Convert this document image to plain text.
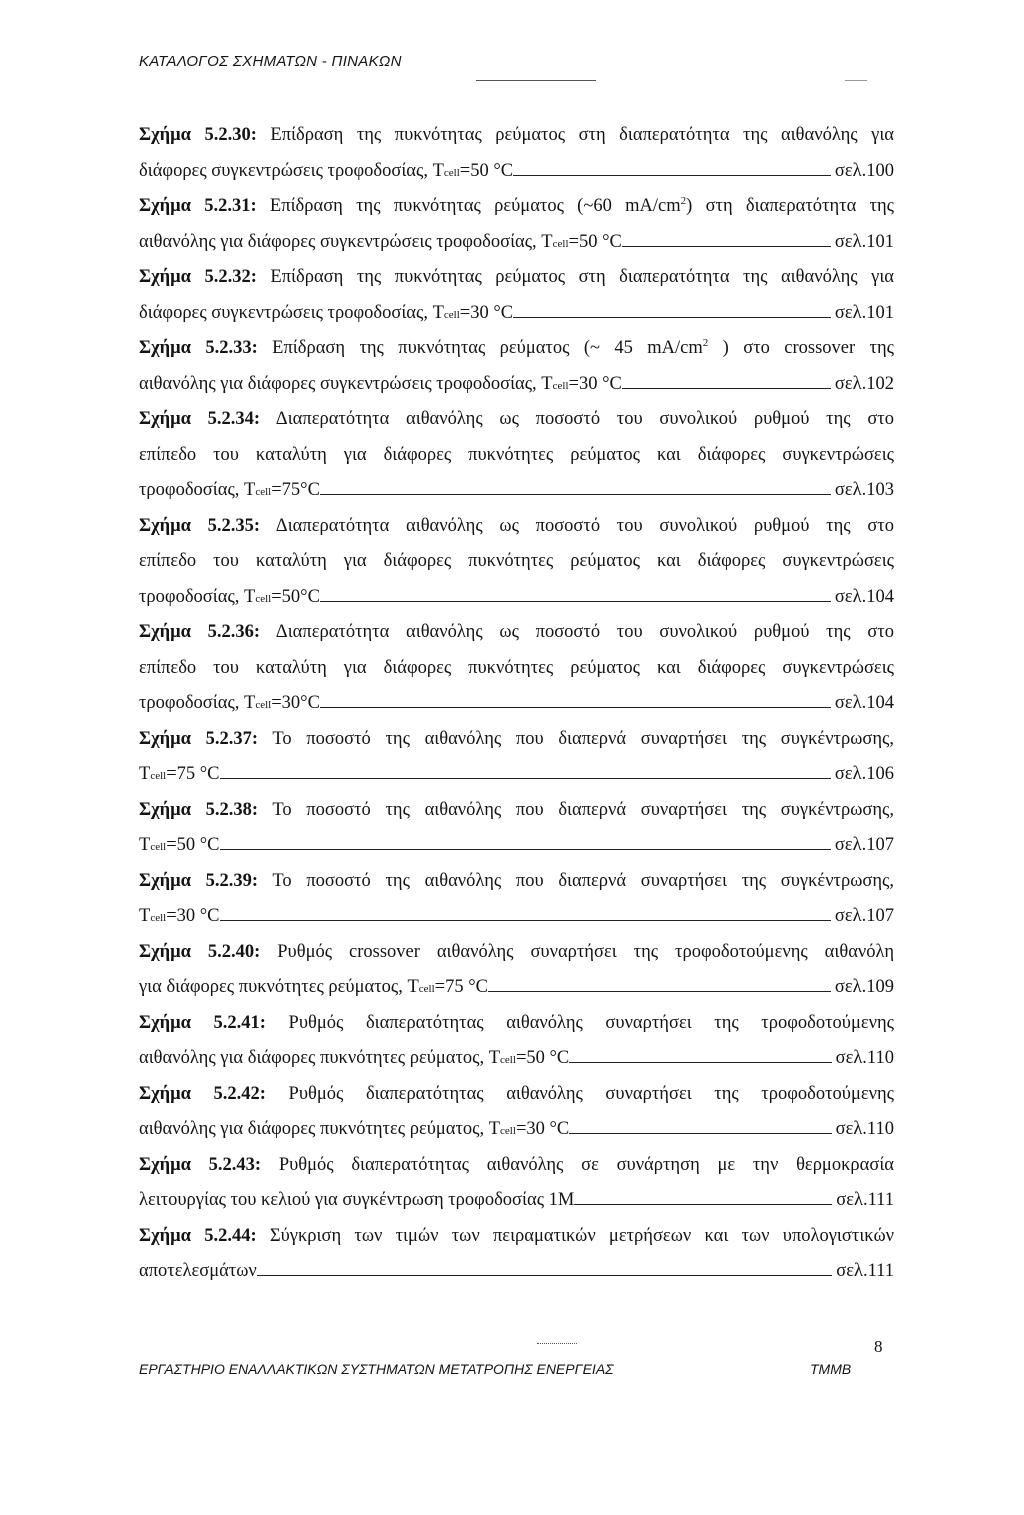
ΚΑΤΑΛΟΓΟΣ ΣΧΗΜΑΤΩΝ - ΠΙΝΑΚΩΝ
Σχήμα 5.2.30: Επίδραση της πυκνότητας ρεύματος στη διαπερατότητα της αιθανόλης για
διάφορες συγκεντρώσεις τροφοδοσίας, T cell =50 °C	σελ.100
Σχήμα 5.2.31: Επίδραση της πυκνότητας ρεύματος (~60 $mA/cm^2$) στη διαπερατότητα της
αιθανόλης για διάφορες συγκεντρώσεις τροφοδοσίας, T cell =50 °C	σελ.101
Σχήμα 5.2.32: Επίδραση της πυκνότητας ρεύματος στη διαπερατότητα της αιθανόλης για
διάφορες συγκεντρώσεις τροφοδοσίας, T cell =30 °C	σελ.101
Σχήμα 5.2.33: Επίδραση της πυκνότητας ρεύματος (~ 45 $mA/cm^2$ ) στο crossover της
αιθανόλης για διάφορες συγκεντρώσεις τροφοδοσίας, T cell =30 °C	σελ.102
Σχήμα 5.2.34: Διαπερατότητα αιθανόλης ως ποσοστό του συνολικού ρυθμού της στο
επίπεδο του καταλύτη για διάφορες πυκνότητες ρεύματος και διάφορες συγκεντρώσεις
τροφοδοσίας, T cell =75°C	σελ.103
Σχήμα 5.2.35: Διαπερατότητα αιθανόλης ως ποσοστό του συνολικού ρυθμού της στο
επίπεδο του καταλύτη για διάφορες πυκνότητες ρεύματος και διάφορες συγκεντρώσεις
τροφοδοσίας, T cell =50°C	σελ.104
Σχήμα 5.2.36: Διαπερατότητα αιθανόλης ως ποσοστό του συνολικού ρυθμού της στο
επίπεδο του καταλύτη για διάφορες πυκνότητες ρεύματος και διάφορες συγκεντρώσεις
τροφοδοσίας, T cell =30°C	σελ.104
Σχήμα 5.2.37: Το ποσοστό της αιθανόλης που διαπερνά συναρτήσει της συγκέντρωσης,
T cell =75 °C	σελ.106
Σχήμα 5.2.38: Το ποσοστό της αιθανόλης που διαπερνά συναρτήσει της συγκέντρωσης,
T cell =50 °C	σελ.107
Σχήμα 5.2.39: Το ποσοστό της αιθανόλης που διαπερνά συναρτήσει της συγκέντρωσης,
T cell =30 °C	σελ.107
Σχήμα 5.2.40: Ρυθμός crossover αιθανόλης συναρτήσει της τροφοδοτούμενης αιθανόλη
για διάφορες πυκνότητες ρεύματος, T cell =75 °C	σελ.109
Σχήμα 5.2.41: Ρυθμός διαπερατότητας αιθανόλης συναρτήσει της τροφοδοτούμενης
αιθανόλης για διάφορες πυκνότητες ρεύματος, T cell =50 °C	σελ.110
Σχήμα 5.2.42: Ρυθμός διαπερατότητας αιθανόλης συναρτήσει της τροφοδοτούμενης
αιθανόλης για διάφορες πυκνότητες ρεύματος, T cell =30 °C	σελ.110
Σχήμα 5.2.43: Ρυθμός διαπερατότητας αιθανόλης σε συνάρτηση με την θερμοκρασία
λειτουργίας του κελιού για συγκέντρωση τροφοδοσίας 1M	σελ.111
Σχήμα 5.2.44: Σύγκριση των τιμών των πειραματικών μετρήσεων και των υπολογιστικών
αποτελεσμάτων	σελ.111
ΕΡΓΑΣΤΗΡΙΟ ΕΝΑΛΛΑΚΤΙΚΩΝ ΣΥΣΤΗΜΑΤΩΝ ΜΕΤΑΤΡΟΠΗΣ ΕΝΕΡΓΕΙΑΣ	ΤΜΜΒ
8
